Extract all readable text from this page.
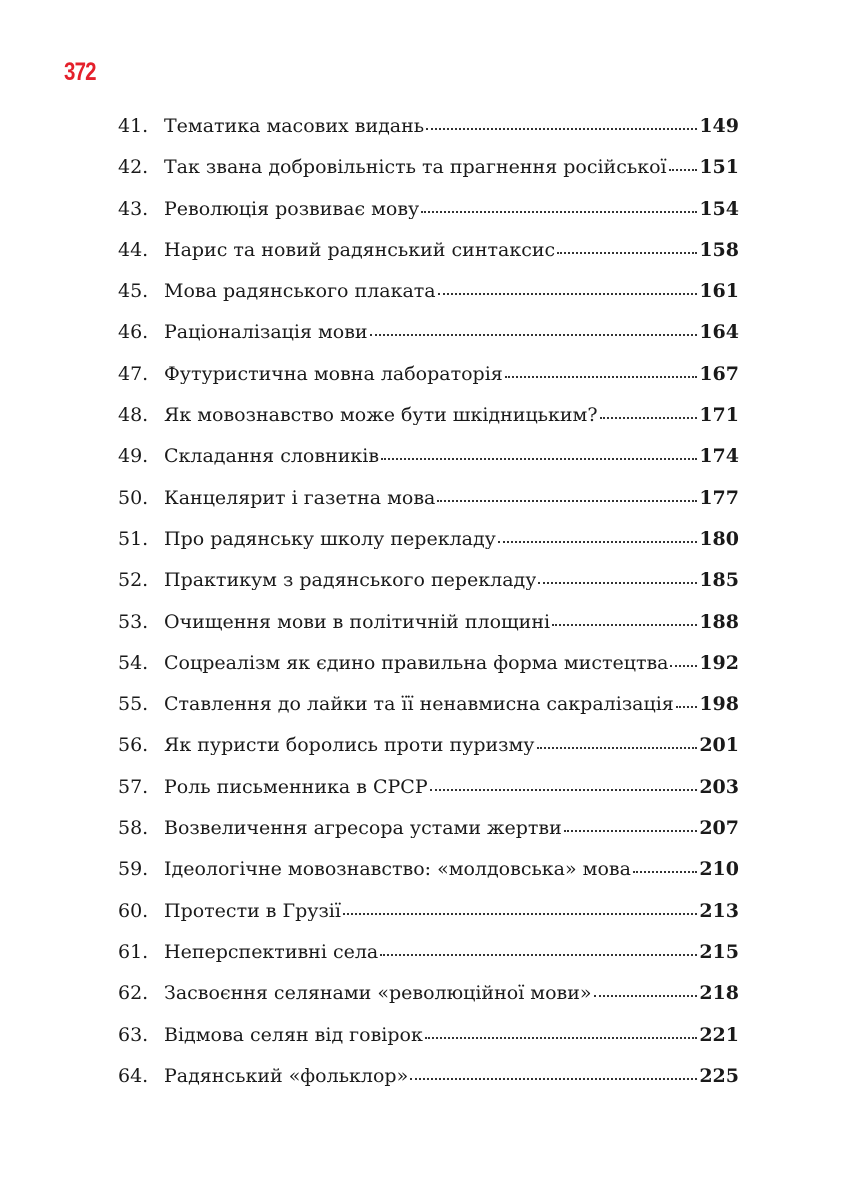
372
41. Тематика масових видань	149
42. Так звана добровільність та прагнення російської 151
43. Революція розвиває мову	154
44. Нарис та новий радянський синтаксис	158
45. Мова радянського плаката	161
46. Раціоналізація мови	164
47. Футуристична мовна лабораторія	167
48. Як мовознавство може бути шкідницьким?	171
49. Складання словників	174
50. Канцелярит і газетна мова	177
51. Про радянську школу перекладу	180
52. Практикум з радянського перекладу	185
53. Очищення мови в політичній площині	188
54. Соцреалізм як єдино правильна форма мистецтва 192
55. Ставлення до лайки та її ненавмисна сакралізація 198
56. Як пуристи боролись проти пуризму	201
57. Роль письменника в СРСР	203
58. Возвеличення агресора устами жертви	207
59. Ідеологічне мовознавство: «молдовська» мова	210
60. Протести в Грузії	213
61. Неперспективні села	215
62. Засвоєння селянами «революційної мови»	218
63. Відмова селян від говірок	221
64. Радянський «фольклор»	225
